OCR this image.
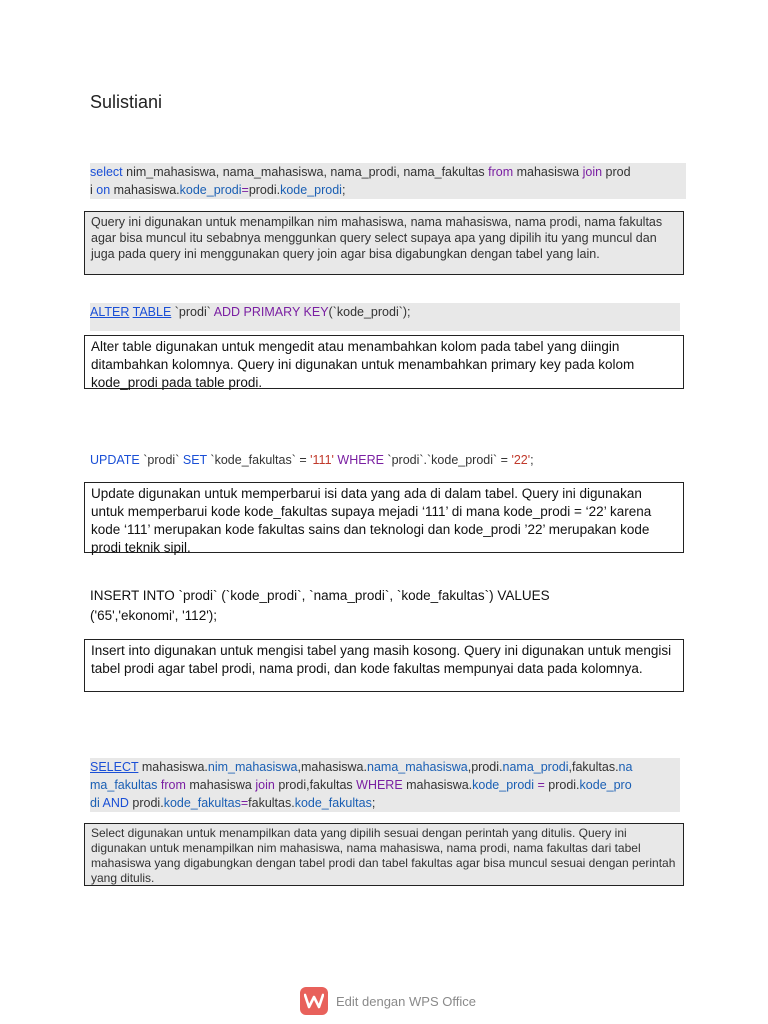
Sulistiani
select nim_mahasiswa, nama_mahasiswa, nama_prodi, nama_fakultas from mahasiswa join prod
i on mahasiswa.kode_prodi=prodi.kode_prodi;
Query ini digunakan untuk menampilkan nim mahasiswa, nama mahasiswa, nama prodi, nama fakultas agar bisa muncul itu sebabnya menggunkan query select supaya apa yang dipilih itu yang muncul dan juga pada query ini menggunakan query join agar bisa digabungkan dengan tabel yang lain.
ALTER TABLE `prodi` ADD PRIMARY KEY(`kode_prodi`);
Alter table digunakan untuk mengedit atau menambahkan kolom pada tabel yang diingin ditambahkan kolomnya. Query ini digunakan untuk menambahkan primary key pada kolom kode_prodi pada table prodi.
UPDATE `prodi` SET `kode_fakultas` = '111' WHERE `prodi`.`kode_prodi` = '22';
Update digunakan untuk memperbarui isi data yang ada di dalam tabel. Query ini digunakan untuk memperbarui kode kode_fakultas supaya mejadi ‘111’ di mana kode_prodi = ‘22’ karena kode ‘111’ merupakan kode fakultas sains dan teknologi dan kode_prodi ’22’ merupakan kode prodi teknik sipil.
INSERT INTO `prodi` (`kode_prodi`, `nama_prodi`, `kode_fakultas`) VALUES
('65','ekonomi', '112');
Insert into digunakan untuk mengisi tabel yang masih kosong. Query ini digunakan untuk mengisi tabel prodi agar tabel prodi, nama prodi, dan kode fakultas mempunyai data pada kolomnya.
SELECT mahasiswa.nim_mahasiswa,mahasiswa.nama_mahasiswa,prodi.nama_prodi,fakultas.na
ma_fakultas from mahasiswa join prodi,fakultas WHERE mahasiswa.kode_prodi = prodi.kode_pro
di AND prodi.kode_fakultas=fakultas.kode_fakultas;
Select digunakan untuk menampilkan data yang dipilih sesuai dengan perintah yang ditulis. Query ini digunakan untuk menampilkan nim mahasiswa, nama mahasiswa, nama prodi, nama fakultas dari tabel mahasiswa yang digabungkan dengan tabel prodi dan tabel fakultas agar bisa muncul sesuai dengan perintah yang ditulis.
Edit dengan WPS Office
